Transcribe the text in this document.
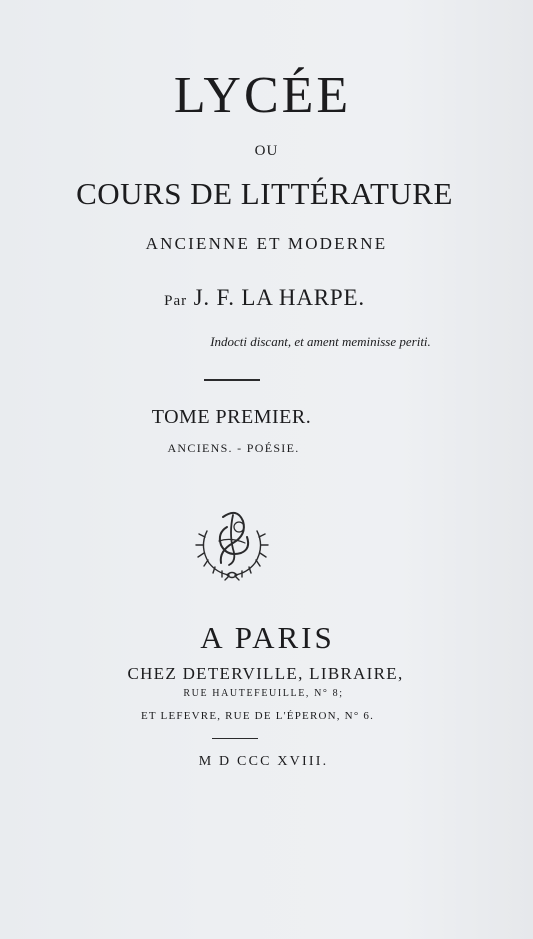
LYCÉE
OU
COURS DE LITTÉRATURE
ANCIENNE ET MODERNE
Par J. F. LA HARPE.
Indocti discant, et ament meminisse periti.
TOME PREMIER.
ANCIENS. - POÉSIE.
A PARIS
CHEZ DETERVILLE, LIBRAIRE,
RUE HAUTEFEUILLE, N° 8;
ET LEFEVRE, RUE DE L'ÉPERON, N° 6.
M D CCC XVIII.
